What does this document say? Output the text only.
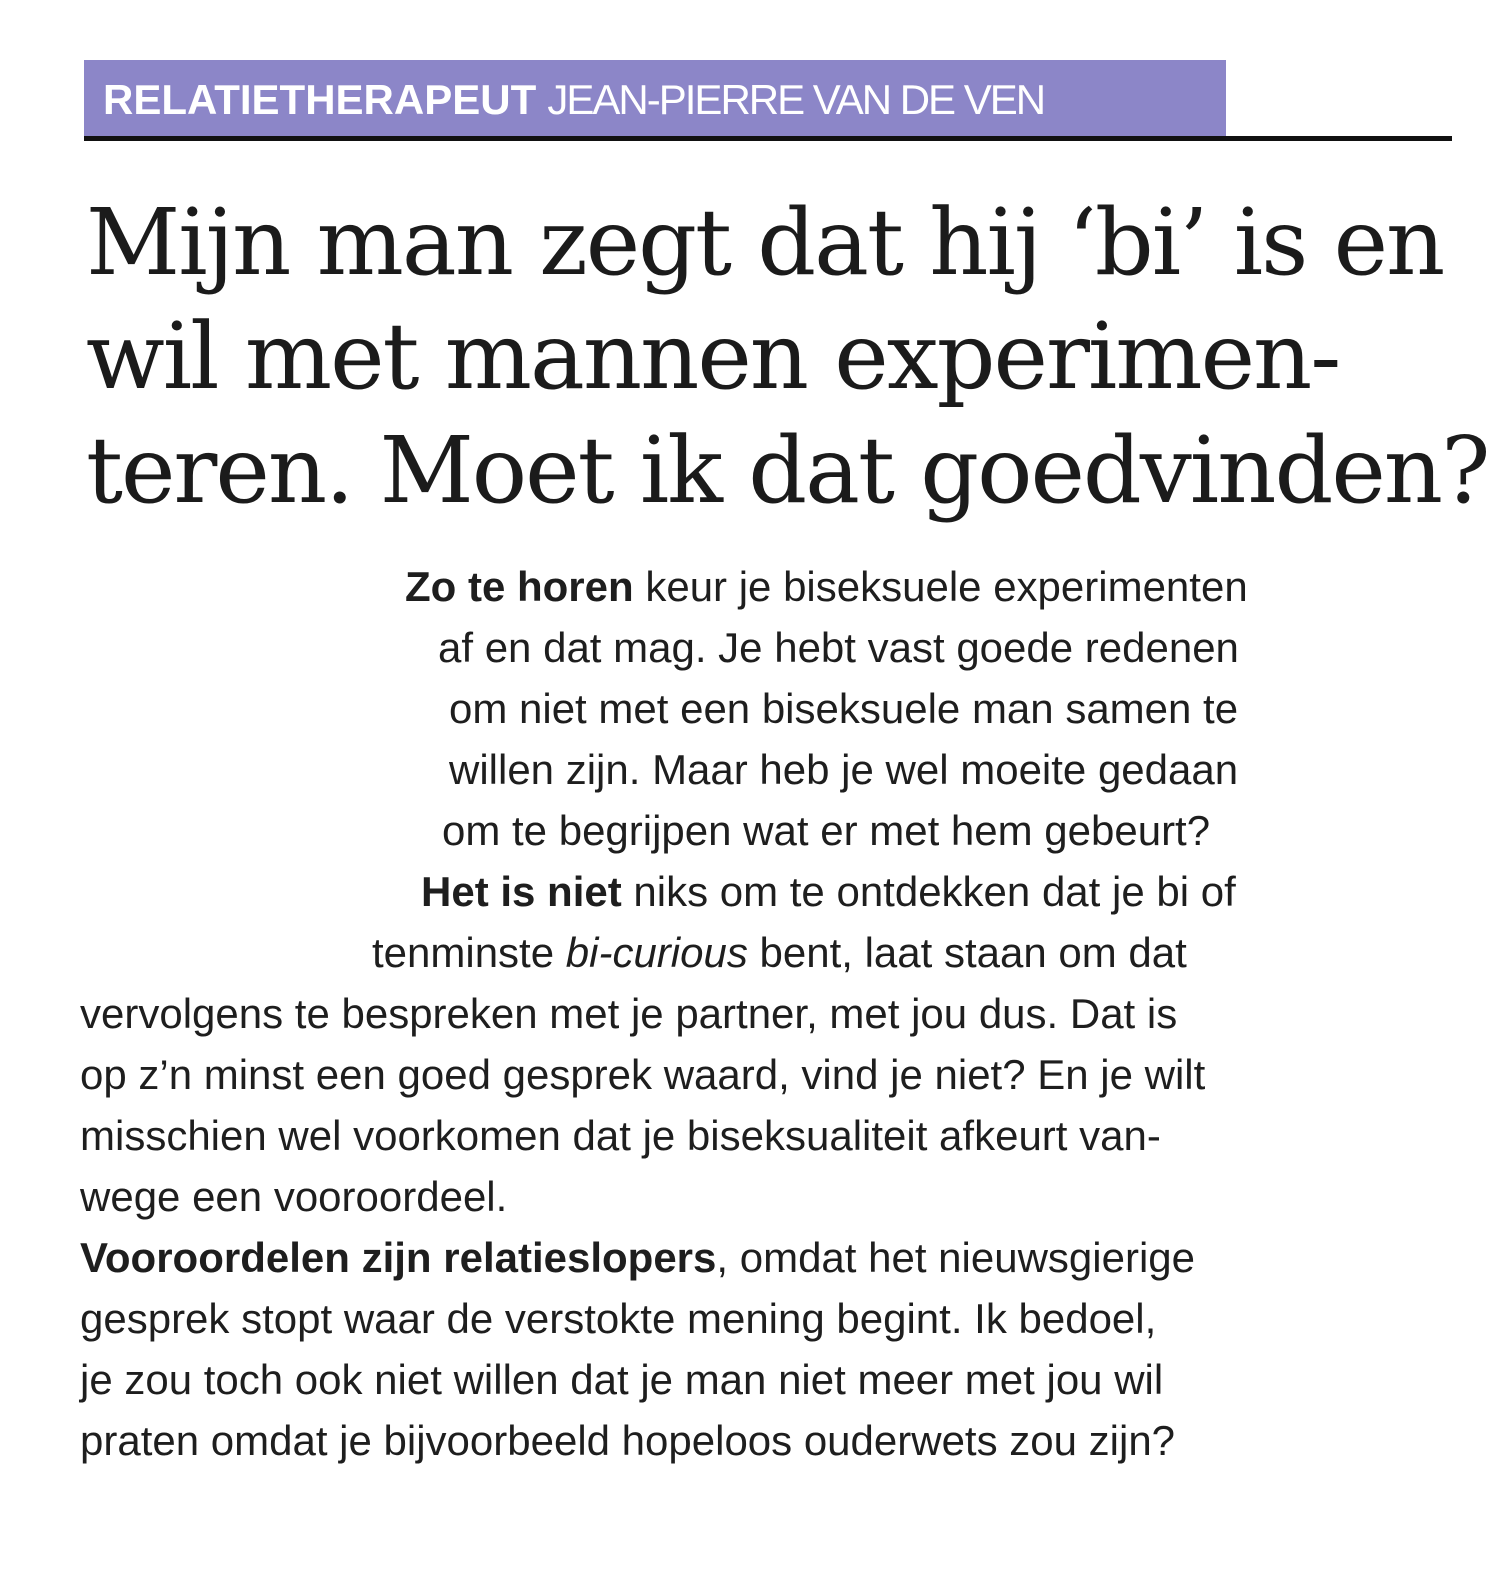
RELATIETHERAPEUT JEAN-PIERRE VAN DE VEN
Mijn man zegt dat hij ‘bi’ is en
wil met mannen experimen-
teren. Moet ik dat goedvinden?
Zo te horen keur je biseksuele experimenten
af en dat mag. Je hebt vast goede redenen
om niet met een biseksuele man samen te
willen zijn. Maar heb je wel moeite gedaan
om te begrijpen wat er met hem gebeurt?
Het is niet niks om te ontdekken dat je bi of
tenminste bi-curious bent, laat staan om dat
vervolgens te bespreken met je partner, met jou dus. Dat is
op z’n minst een goed gesprek waard, vind je niet? En je wilt
misschien wel voorkomen dat je biseksualiteit afkeurt van-
wege een vooroordeel.
Vooroordelen zijn relatieslopers, omdat het nieuwsgierige
gesprek stopt waar de verstokte mening begint. Ik bedoel,
je zou toch ook niet willen dat je man niet meer met jou wil
praten omdat je bijvoorbeeld hopeloos ouderwets zou zijn?
